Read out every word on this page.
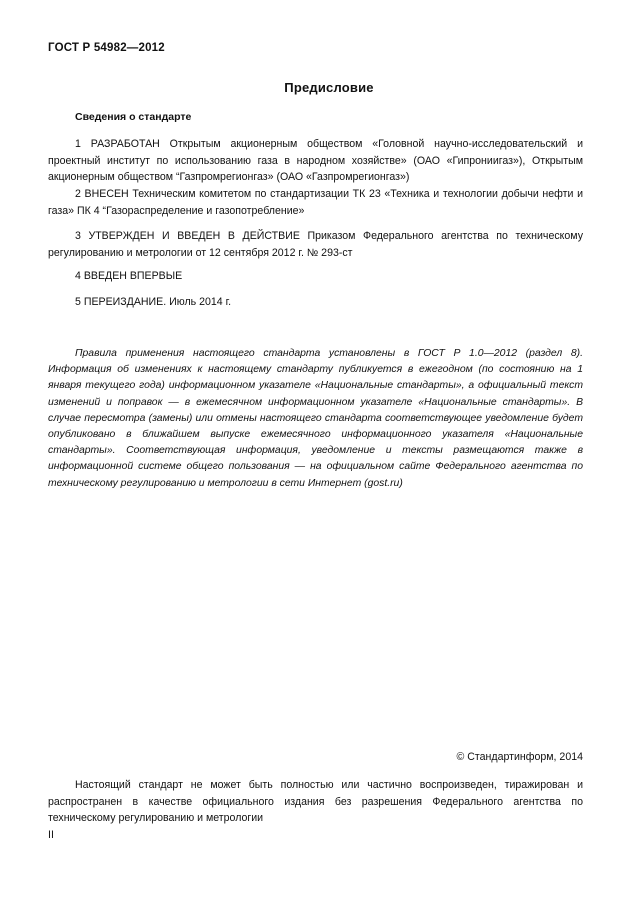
ГОСТ Р 54982—2012
Предисловие
Сведения о стандарте

1 РАЗРАБОТАН Открытым акционерным обществом «Головной научно-исследовательский и проектный институт по использованию газа в народном хозяйстве» (ОАО «Гипрониигаз»), Открытым акционерным обществом “Газпромрегионгаз» (ОАО «Газпромрегионгаз»)

2 ВНЕСЕН Техническим комитетом по стандартизации ТК 23 «Техника и технологии добычи нефти и газа» ПК 4 “Газораспределение и газопотребление»

3 УТВЕРЖДЕН И ВВЕДЕН В ДЕЙСТВИЕ Приказом Федерального агентства по техническому регулированию и метрологии от 12 сентября 2012 г. № 293-ст

4 ВВЕДЕН ВПЕРВЫЕ

5 ПЕРЕИЗДАНИЕ. Июль 2014 г.

Правила применения настоящего стандарта установлены в ГОСТ Р 1.0—2012 (раздел 8). Информация об изменениях к настоящему стандарту публикуется в ежегодном (по состоянию на 1 января текущего года) информационном указателе «Национальные стандарты», а официальный текст изменений и поправок — в ежемесячном информационном указателе «Национальные стандарты». В случае пересмотра (замены) или отмены настоящего стандарта соответствующее уведомление будет опубликовано в ближайшем выпуске ежемесячного информационного указателя «Национальные стандарты». Соответствующая информация, уведомление и тексты размещаются также в информационной системе общего пользования — на официальном сайте Федерального агентства по техническому регулированию и метрологии в сети Интернет (gost.ru)

© Стандартинформ, 2014

Настоящий стандарт не может быть полностью или частично воспроизведен, тиражирован и распространен в качестве официального издания без разрешения Федерального агентства по техническому регулированию и метрологии

II
